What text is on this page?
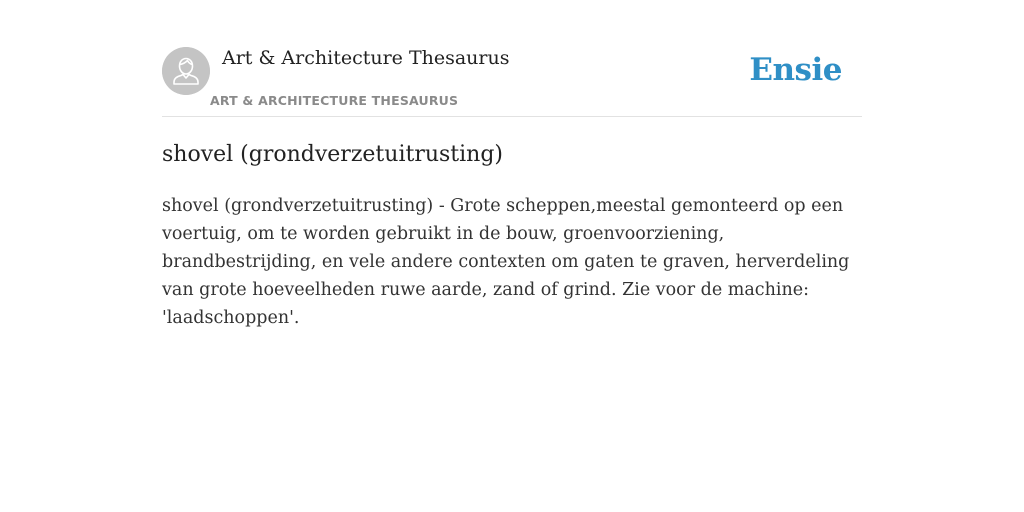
Art & Architecture Thesaurus
ART & ARCHITECTURE THESAURUS
Ensie
shovel (grondverzetuitrusting)

shovel (grondverzetuitrusting) - Grote scheppen,meestal gemonteerd op een voertuig, om te worden gebruikt in de bouw, groenvoorziening, brandbestrijding, en vele andere contexten om gaten te graven, herverdeling van grote hoeveelheden ruwe aarde, zand of grind. Zie voor de machine: 'laadschoppen'.
